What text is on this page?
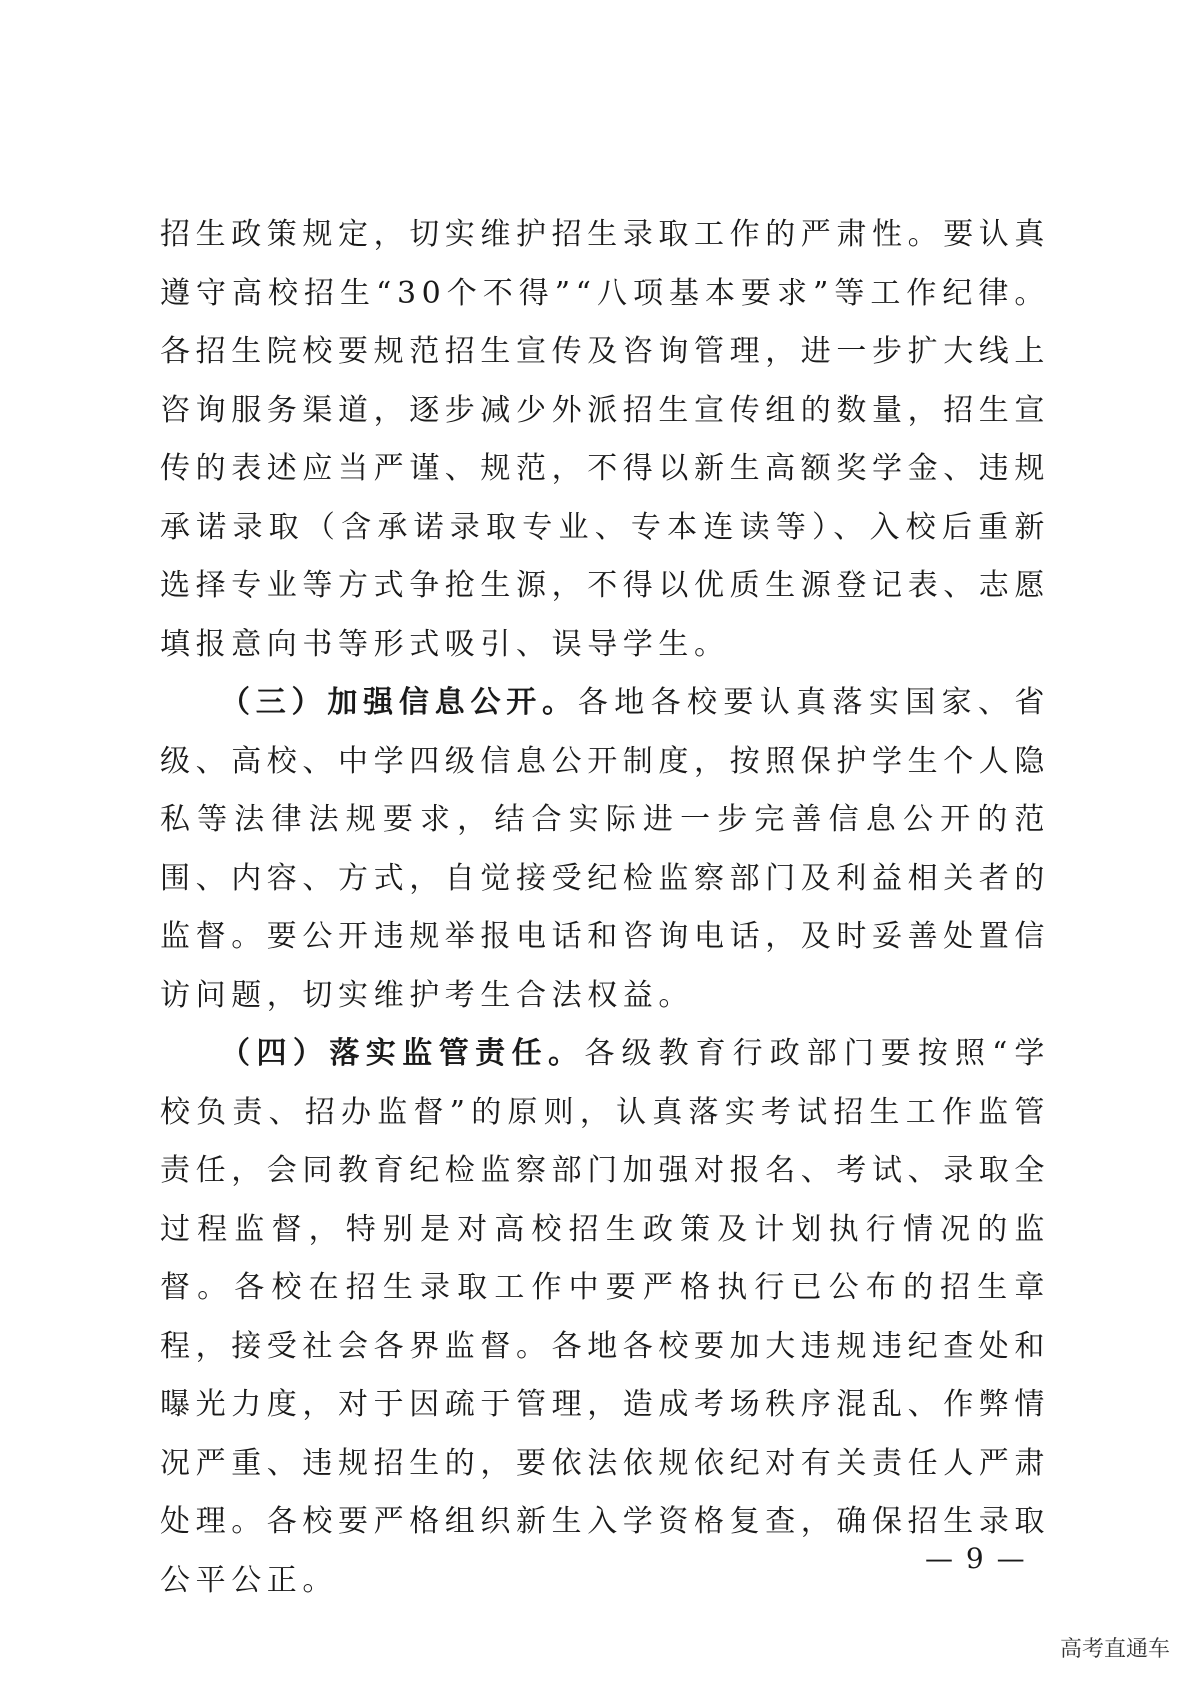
招生政策规定，切实维护招生录取工作的严肃性。要认真遵守高校招生“30个不得”“八项基本要求”等工作纪律。各招生院校要规范招生宣传及咨询管理，进一步扩大线上咨询服务渠道，逐步减少外派招生宣传组的数量，招生宣传的表述应当严谨、规范，不得以新生高额奖学金、违规承诺录取（含承诺录取专业、专本连读等）、入校后重新选择专业等方式争抢生源，不得以优质生源登记表、志愿填报意向书等形式吸引、误导学生。

（三）加强信息公开。各地各校要认真落实国家、省级、高校、中学四级信息公开制度，按照保护学生个人隐私等法律法规要求，结合实际进一步完善信息公开的范围、内容、方式，自觉接受纪检监察部门及利益相关者的监督。要公开违规举报电话和咨询电话，及时妥善处置信访问题，切实维护考生合法权益。

（四）落实监管责任。各级教育行政部门要按照“学校负责、招办监督”的原则，认真落实考试招生工作监管责任，会同教育纪检监察部门加强对报名、考试、录取全过程监督，特别是对高校招生政策及计划执行情况的监督。各校在招生录取工作中要严格执行已公布的招生章程，接受社会各界监督。各地各校要加大违规违纪查处和曝光力度，对于因疏于管理，造成考场秩序混乱、作弊情况严重、违规招生的，要依法依规依纪对有关责任人严肃处理。各校要严格组织新生入学资格复查，确保招生录取公平公正。

— 9 —
高考直通车
